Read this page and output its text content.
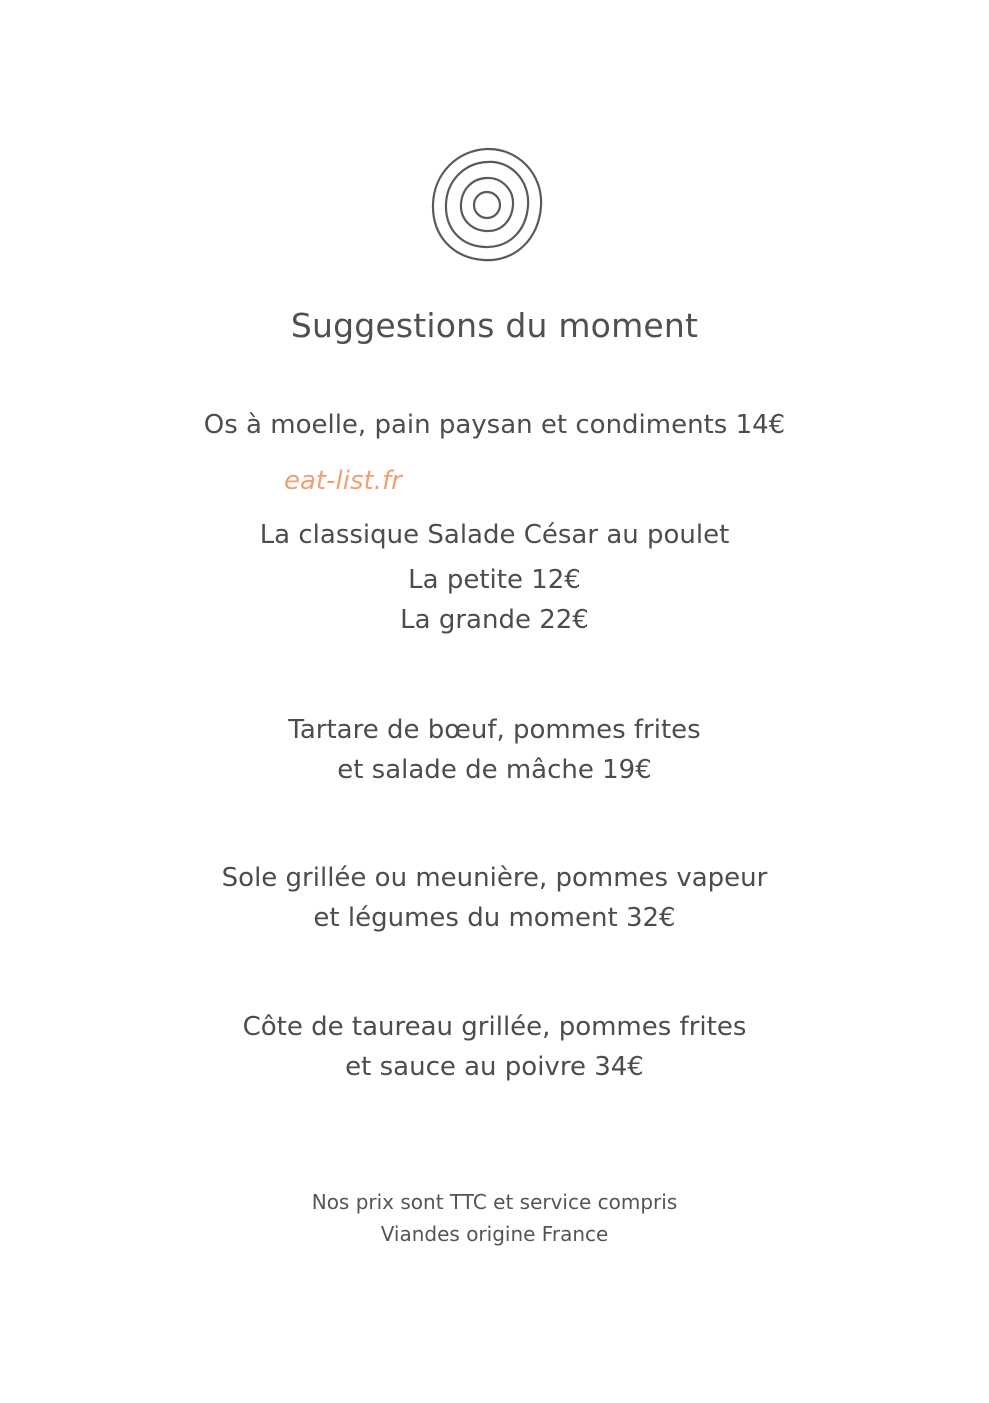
Suggestions du moment
Os à moelle, pain paysan et condiments 14€
eat-list.fr
La classique Salade César au poulet
La petite 12€
La grande 22€
Tartare de bœuf, pommes frites
et salade de mâche 19€
Sole grillée ou meunière, pommes vapeur
et légumes du moment 32€
Côte de taureau grillée, pommes frites
et sauce au poivre 34€
Nos prix sont TTC et service compris
Viandes origine France
